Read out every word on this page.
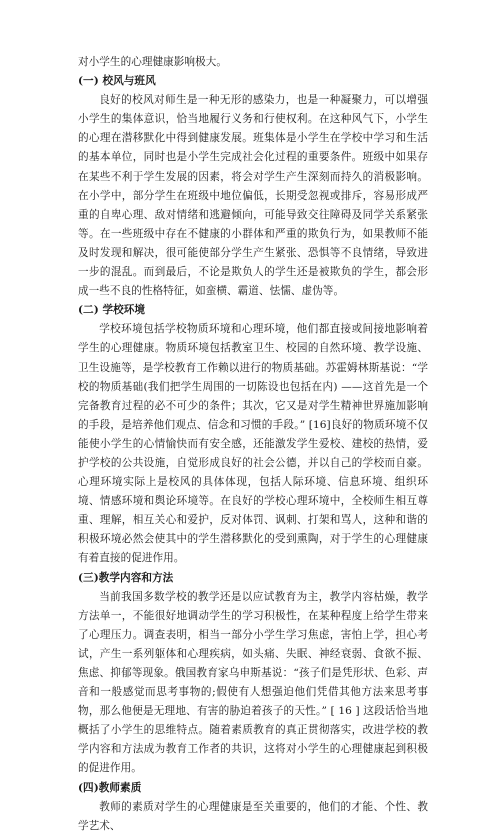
对小学生的心理健康影响极大。

(一) 校风与班风

良好的校风对师生是一种无形的感染力，也是一种凝聚力，可以增强小学生的集体意识，恰当地履行义务和行使权利。在这种风气下，小学生的心理在潜移默化中得到健康发展。班集体是小学生在学校中学习和生活的基本单位，同时也是小学生完成社会化过程的重要条件。班级中如果存在某些不利于学生发展的因素，将会对学生产生深刻而持久的消极影响。在小学中，部分学生在班级中地位偏低，长期受忽视或排斥，容易形成严重的自卑心理、敌对情绪和逃避倾向，可能导致交往障碍及同学关系紧张等。在一些班级中存在不健康的小群体和严重的欺负行为，如果教师不能及时发现和解决，很可能使部分学生产生紧张、恐惧等不良情绪，导致进一步的混乱。而到最后，不论是欺负人的学生还是被欺负的学生，都会形成一些不良的性格特征，如蛮横、霸道、怯懦、虚伪等。

(二) 学校环境

学校环境包括学校物质环境和心理环境，他们都直接或间接地影响着学生的心理健康。物质环境包括教室卫生、校园的自然环境、教学设施、卫生设施等，是学校教育工作赖以进行的物质基础。苏霍姆林斯基说：“学校的物质基础(我们把学生周围的一切陈设也包括在内) ——这首先是一个完备教育过程的必不可少的条件；其次，它又是对学生精神世界施加影响的手段，是培养他们观点、信念和习惯的手段。” [16]良好的物质环境不仅能使小学生的心情愉快而有安全感，还能激发学生爱校、建校的热情，爱护学校的公共设施，自觉形成良好的社会公德，并以自己的学校而自豪。心理环境实际上是校风的具体体现，包括人际环境、信息环境、组织环境、情感环境和舆论环境等。在良好的学校心理环境中，全校师生相互尊重、理解，相互关心和爱护，反对体罚、讽刺、打架和骂人，这种和谐的积极环境必然会使其中的学生潜移默化的受到熏陶，对于学生的心理健康有着直接的促进作用。

(三)教学内容和方法

当前我国多数学校的教学还是以应试教育为主，教学内容枯燥，教学方法单一，不能很好地调动学生的学习积极性，在某种程度上给学生带来了心理压力。调查表明，相当一部分小学生学习焦虑，害怕上学，担心考试，产生一系列躯体和心理疾病，如头痛、失眠、神经衰弱、食欲不振、焦虑、抑郁等现象。俄国教育家乌申斯基说：“孩子们是凭形状、色彩、声音和一般感觉而思考事物的;假使有人想强迫他们凭借其他方法来思考事物，那么他便是无理地、有害的胁迫着孩子的天性。” [ 16 ] 这段话恰当地概括了小学生的思维特点。随着素质教育的真正贯彻落实，改进学校的教学内容和方法成为教育工作者的共识，这将对小学生的心理健康起到积极的促进作用。

(四)教师素质

教师的素质对学生的心理健康是至关重要的，他们的才能、个性、教学艺术、
